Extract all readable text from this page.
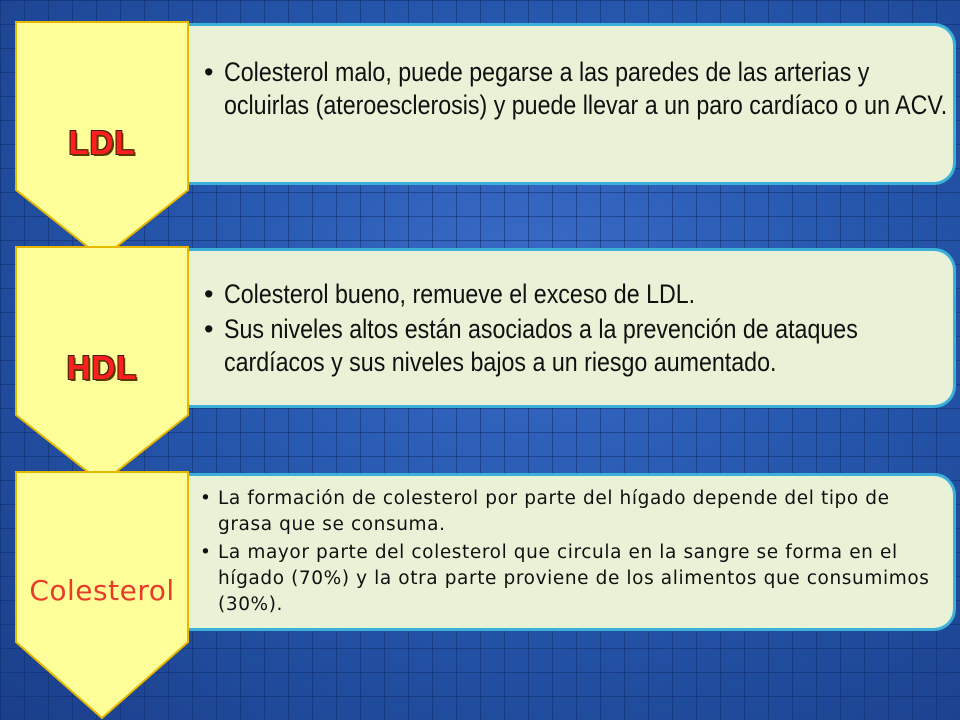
• Colesterol malo, puede pegarse a las paredes de las arterias y ocluirlas (ateroesclerosis) y puede llevar a un paro cardíaco o un ACV.
LDL
• Colesterol bueno, remueve el exceso de LDL.
• Sus niveles altos están asociados a la prevención de ataques cardíacos y sus niveles bajos a un riesgo aumentado.
HDL
• La formación de colesterol por parte del hígado depende del tipo de grasa que se consuma.
• La mayor parte del colesterol que circula en la sangre se forma en el hígado (70%) y la otra parte proviene de los alimentos que consumimos (30%).
Colesterol
